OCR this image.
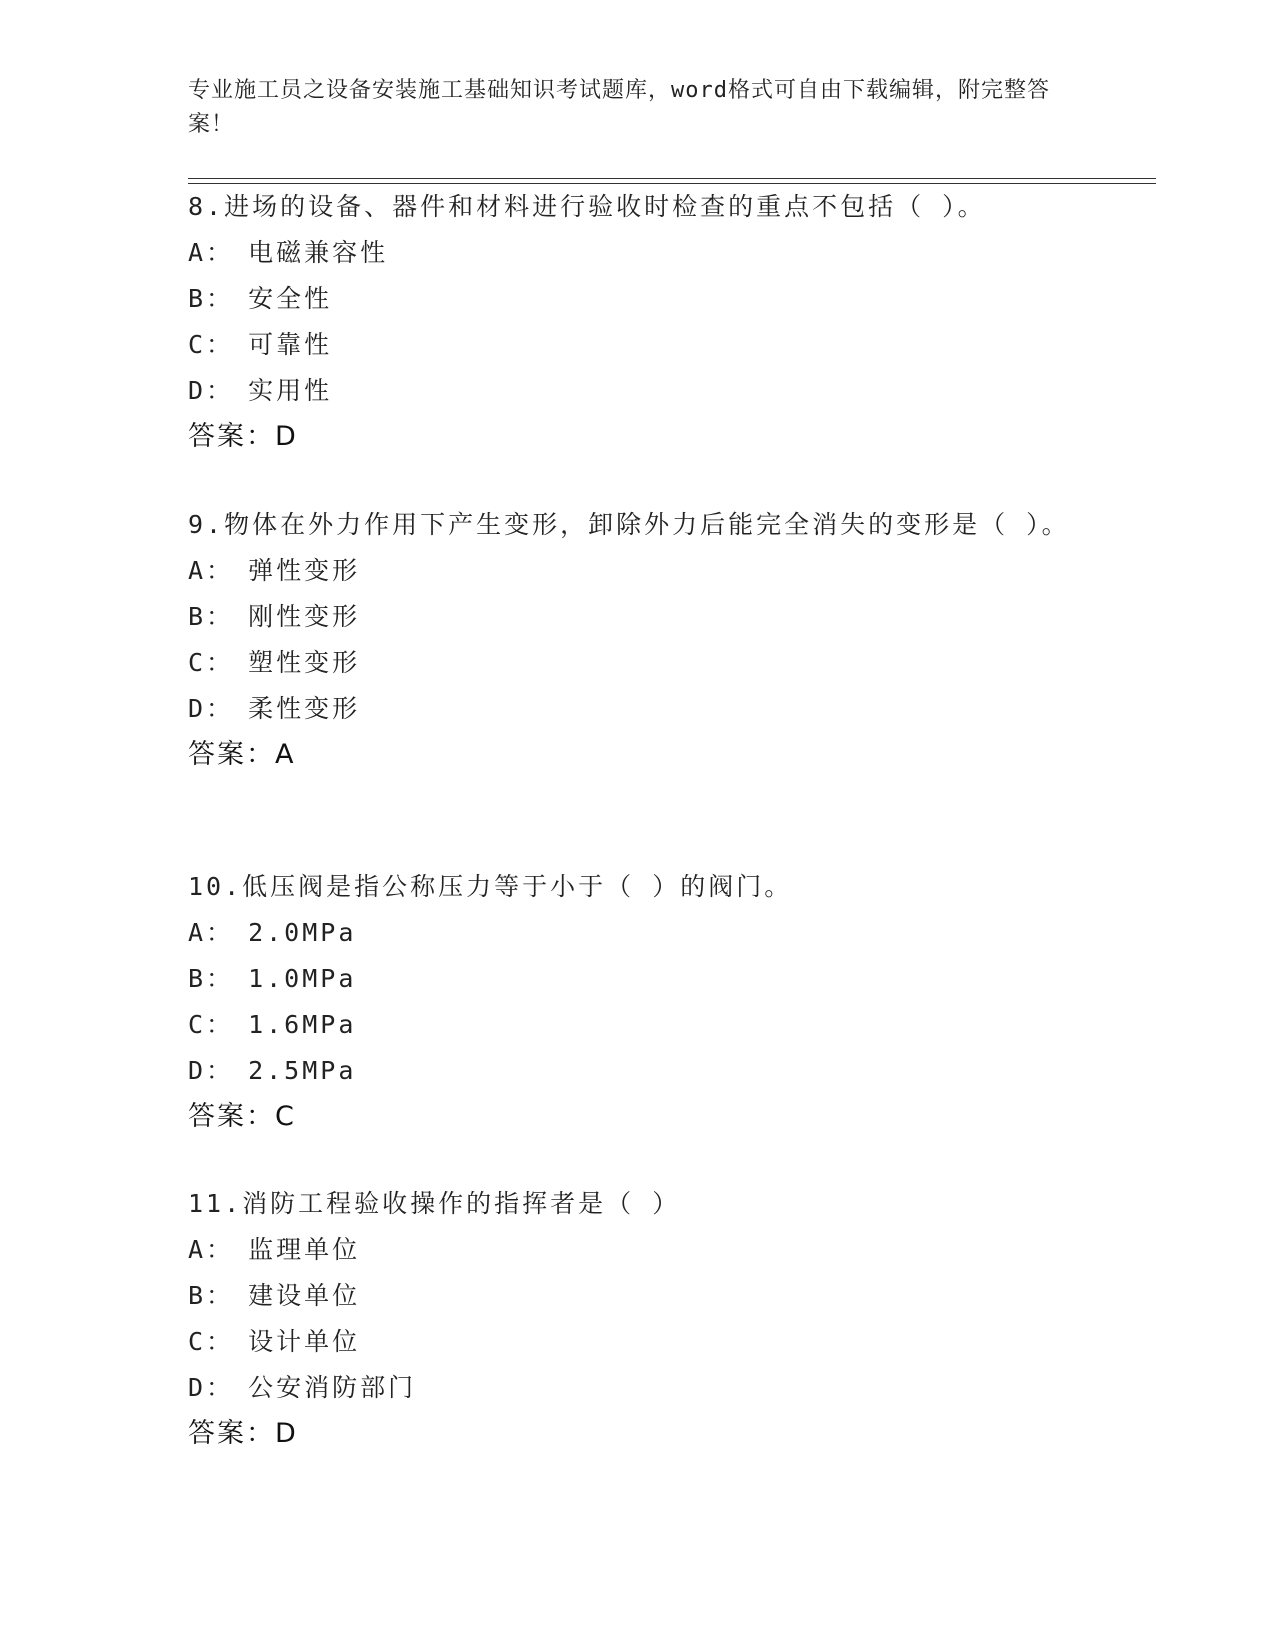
专业施工员之设备安装施工基础知识考试题库，word格式可自由下载编辑，附完整答案！
8.进场的设备、器件和材料进行验收时检查的重点不包括（ ）。
A： 电磁兼容性
B： 安全性
C： 可靠性
D： 实用性
答案：D
9.物体在外力作用下产生变形，卸除外力后能完全消失的变形是（ ）。
A： 弹性变形
B： 刚性变形
C： 塑性变形
D： 柔性变形
答案：A
10.低压阀是指公称压力等于小于（ ）的阀门。
A： 2.0MPa
B： 1.0MPa
C： 1.6MPa
D： 2.5MPa
答案：C
11.消防工程验收操作的指挥者是（ ）
A： 监理单位
B： 建设单位
C： 设计单位
D： 公安消防部门
答案：D
